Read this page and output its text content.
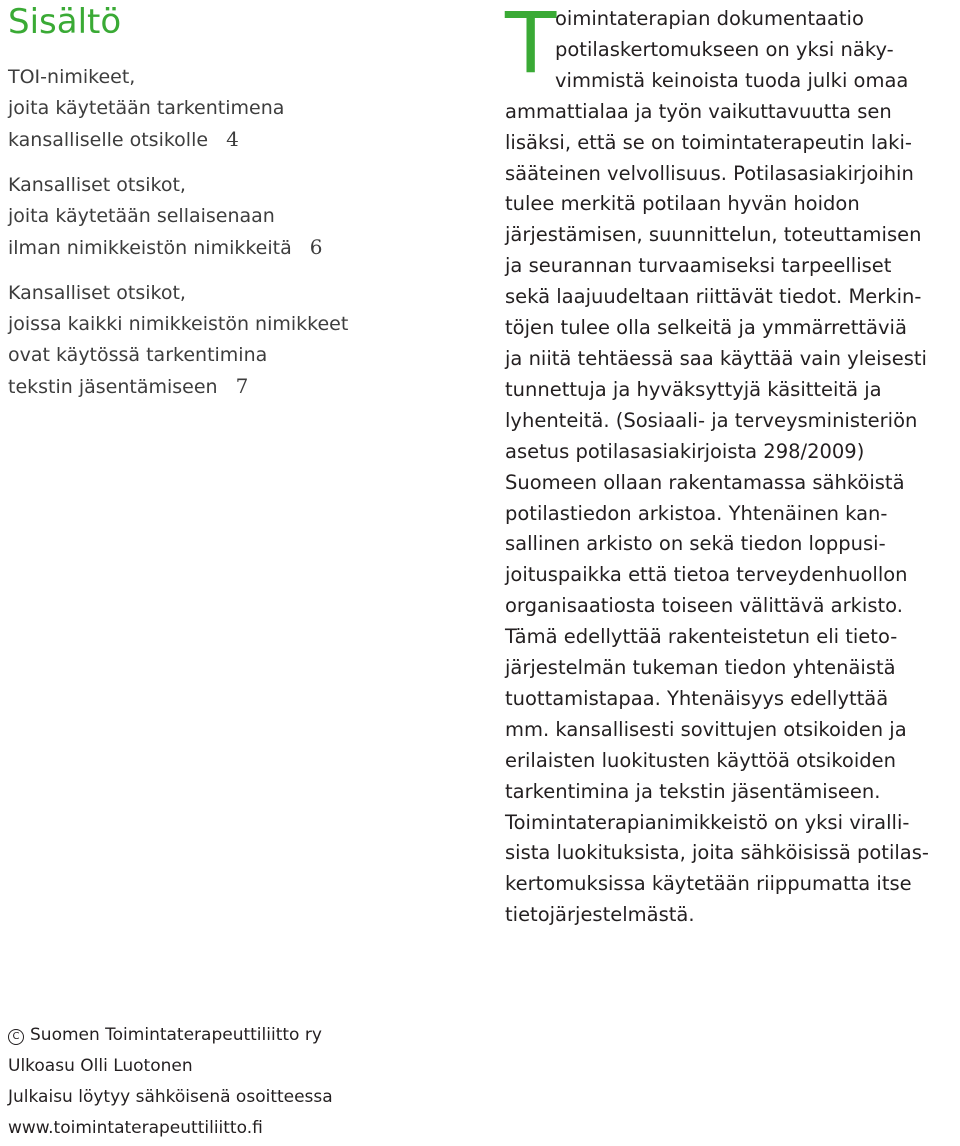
Sisältö
TOI-nimikeet,
joita käytetään tarkentimena
kansalliselle otsikolle 4
Kansalliset otsikot,
joita käytetään sellaisenaan
ilman nimikkeistön nimikkeitä 6
Kansalliset otsikot,
joissa kaikki nimikkeistön nimikkeet
ovat käytössä tarkentimina
tekstin jäsentämiseen 7
T
oimintaterapian dokumentaatio
potilaskertomukseen on yksi näky-
vimmistä keinoista tuoda julki omaa
ammattialaa ja työn vaikuttavuutta sen
lisäksi, että se on toimintaterapeutin laki-
sääteinen velvollisuus. Potilasasiakirjoihin
tulee merkitä potilaan hyvän hoidon
järjestämisen, suunnittelun, toteuttamisen
ja seurannan turvaamiseksi tarpeelliset
sekä laajuudeltaan riittävät tiedot. Merkin-
töjen tulee olla selkeitä ja ymmärrettäviä
ja niitä tehtäessä saa käyttää vain yleisesti
tunnettuja ja hyväksyttyjä käsitteitä ja
lyhenteitä. (Sosiaali- ja terveysministeriön
asetus potilasasiakirjoista 298/2009)
Suomeen ollaan rakentamassa sähköistä
potilastiedon arkistoa. Yhtenäinen kan-
sallinen arkisto on sekä tiedon loppusi-
joituspaikka että tietoa terveydenhuollon
organisaatiosta toiseen välittävä arkisto.
Tämä edellyttää rakenteistetun eli tieto-
järjestelmän tukeman tiedon yhtenäistä
tuottamistapaa. Yhtenäisyys edellyttää
mm. kansallisesti sovittujen otsikoiden ja
erilaisten luokitusten käyttöä otsikoiden
tarkentimina ja tekstin jäsentämiseen.
Toimintaterapianimikkeistö on yksi viralli-
sista luokituksista, joita sähköisissä potilas-
kertomuksissa käytetään riippumatta itse
tietojärjestelmästä.
C Suomen Toimintaterapeuttiliitto ry
Ulkoasu Olli Luotonen
Julkaisu löytyy sähköisenä osoitteessa
www.toimintaterapeuttiliitto.fi
